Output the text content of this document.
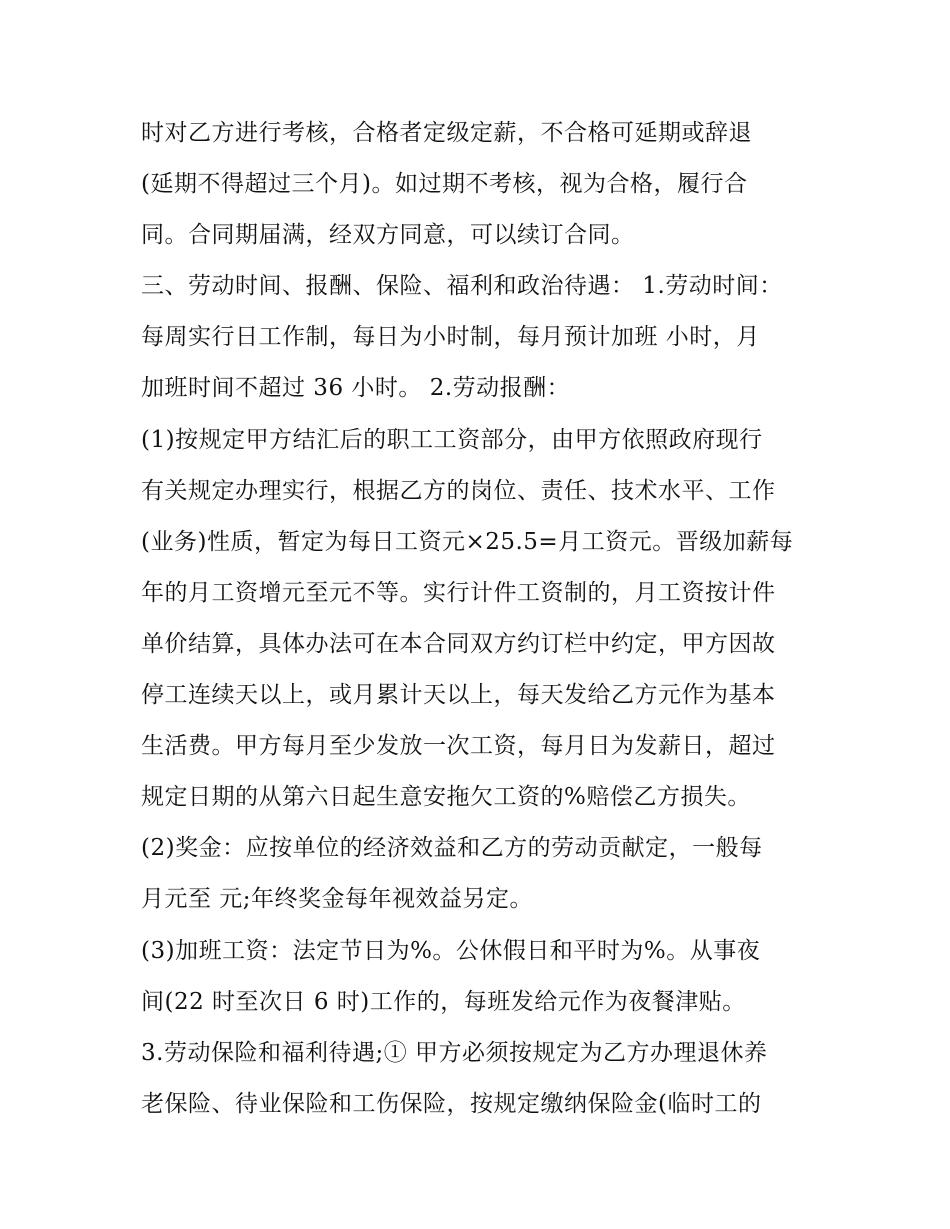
时对乙方进行考核，合格者定级定薪，不合格可延期或辞退
(延期不得超过三个月)。如过期不考核，视为合格，履行合
同。合同期届满，经双方同意，可以续订合同。
三、劳动时间、报酬、保险、福利和政治待遇： 1.劳动时间：
每周实行日工作制，每日为小时制，每月预计加班 小时，月
加班时间不超过 36 小时。 2.劳动报酬：
(1)按规定甲方结汇后的职工工资部分，由甲方依照政府现行
有关规定办理实行，根据乙方的岗位、责任、技术水平、工作
(业务)性质，暂定为每日工资元×25.5=月工资元。晋级加薪每
年的月工资增元至元不等。实行计件工资制的，月工资按计件
单价结算，具体办法可在本合同双方约订栏中约定，甲方因故
停工连续天以上，或月累计天以上，每天发给乙方元作为基本
生活费。甲方每月至少发放一次工资，每月日为发薪日，超过
规定日期的从第六日起生意安拖欠工资的%赔偿乙方损失。
(2)奖金：应按单位的经济效益和乙方的劳动贡献定，一般每
月元至 元;年终奖金每年视效益另定。
(3)加班工资：法定节日为%。公休假日和平时为%。从事夜
间(22 时至次日 6 时)工作的，每班发给元作为夜餐津贴。
3.劳动保险和福利待遇;① 甲方必须按规定为乙方办理退休养
老保险、待业保险和工伤保险，按规定缴纳保险金(临时工的
